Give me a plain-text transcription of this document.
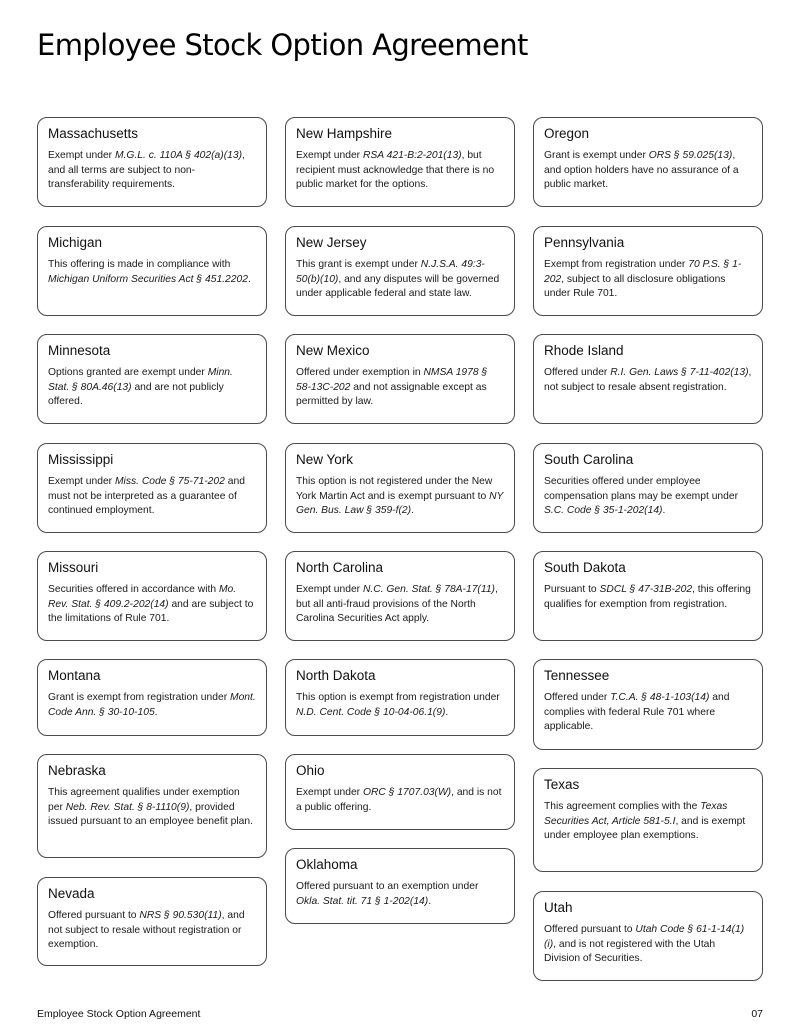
Employee Stock Option Agreement
Massachusetts

Exempt under M.G.L. c. 110A § 402(a)(13), and all terms are subject to non-transferability requirements.

Michigan

This offering is made in compliance with Michigan Uniform Securities Act § 451.2202.

Minnesota

Options granted are exempt under Minn. Stat. § 80A.46(13) and are not publicly offered.

Mississippi

Exempt under Miss. Code § 75-71-202 and must not be interpreted as a guarantee of continued employment.

Missouri

Securities offered in accordance with Mo. Rev. Stat. § 409.2-202(14) and are subject to the limitations of Rule 701.

Montana

Grant is exempt from registration under Mont. Code Ann. § 30-10-105.

Nebraska

This agreement qualifies under exemption per Neb. Rev. Stat. § 8-1110(9), provided issued pursuant to an employee benefit plan.

Nevada

Offered pursuant to NRS § 90.530(11), and not subject to resale without registration or exemption.

New Hampshire

Exempt under RSA 421-B:2-201(13), but recipient must acknowledge that there is no public market for the options.

New Jersey

This grant is exempt under N.J.S.A. 49:3-50(b)(10), and any disputes will be governed under applicable federal and state law.

New Mexico

Offered under exemption in NMSA 1978 § 58-13C-202 and not assignable except as permitted by law.

New York

This option is not registered under the New York Martin Act and is exempt pursuant to NY Gen. Bus. Law § 359-f(2).

North Carolina

Exempt under N.C. Gen. Stat. § 78A-17(11), but all anti-fraud provisions of the North Carolina Securities Act apply.

North Dakota

This option is exempt from registration under N.D. Cent. Code § 10-04-06.1(9).

Ohio

Exempt under ORC § 1707.03(W), and is not a public offering.

Oklahoma

Offered pursuant to an exemption under Okla. Stat. tit. 71 § 1-202(14).

Oregon

Grant is exempt under ORS § 59.025(13), and option holders have no assurance of a public market.

Pennsylvania

Exempt from registration under 70 P.S. § 1-202, subject to all disclosure obligations under Rule 701.

Rhode Island

Offered under R.I. Gen. Laws § 7-11-402(13), not subject to resale absent registration.

South Carolina

Securities offered under employee compensation plans may be exempt under S.C. Code § 35-1-202(14).

South Dakota

Pursuant to SDCL § 47-31B-202, this offering qualifies for exemption from registration.

Tennessee

Offered under T.C.A. § 48-1-103(14) and complies with federal Rule 701 where applicable.

Texas

This agreement complies with the Texas Securities Act, Article 581-5.I, and is exempt under employee plan exemptions.

Utah

Offered pursuant to Utah Code § 61-1-14(1)(i), and is not registered with the Utah Division of Securities.

Employee Stock Option Agreement	07
